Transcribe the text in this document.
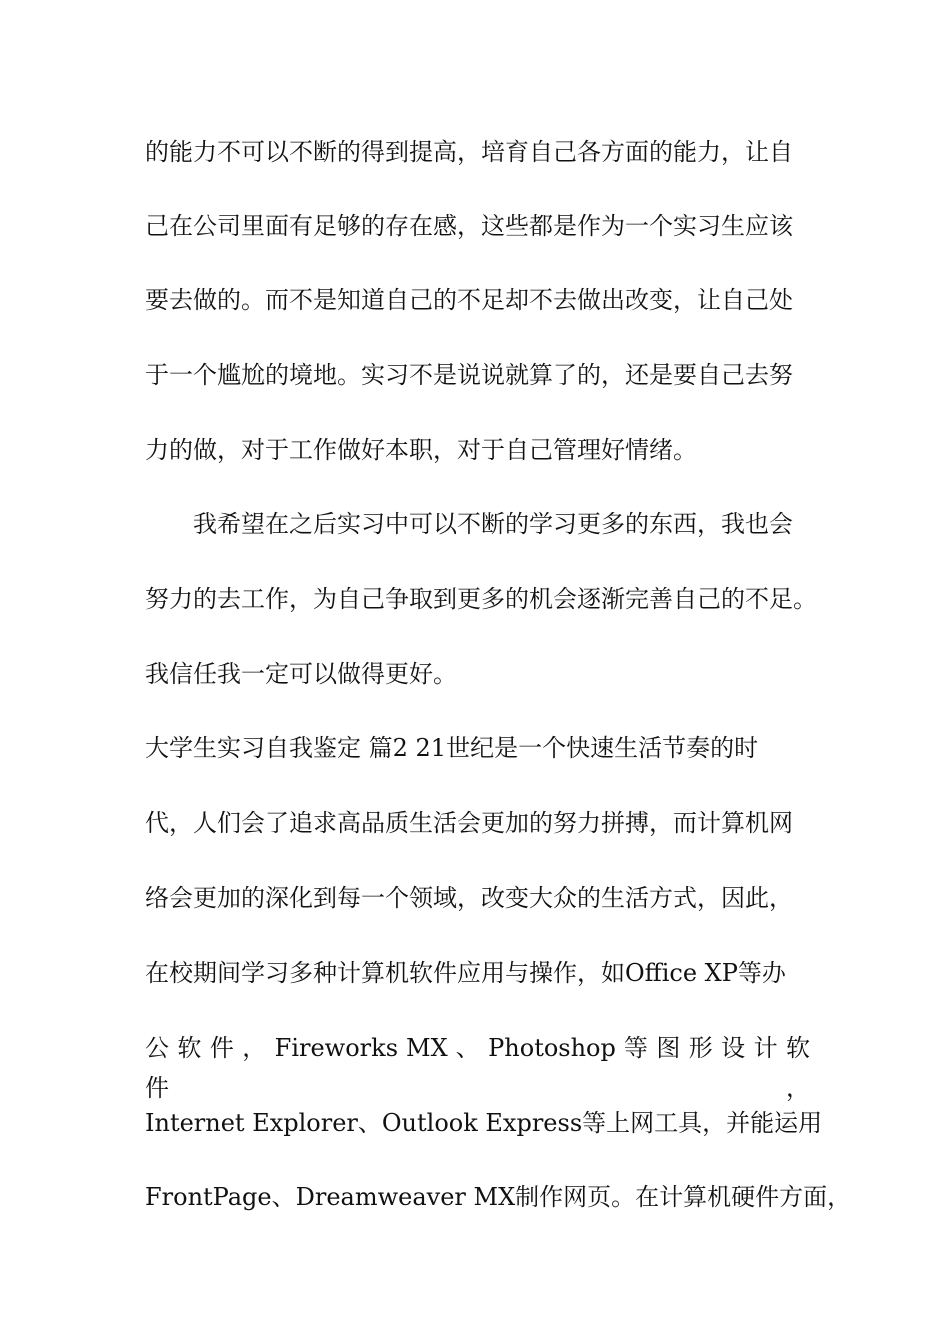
的能力不可以不断的得到提高，培育自己各方面的能力，让自
己在公司里面有足够的存在感，这些都是作为一个实习生应该
要去做的。而不是知道自己的不足却不去做出改变，让自己处
于一个尴尬的境地。实习不是说说就算了的，还是要自己去努
力的做，对于工作做好本职，对于自己管理好情绪。
我希望在之后实习中可以不断的学习更多的东西，我也会
努力的去工作，为自己争取到更多的机会逐渐完善自己的不足。
我信任我一定可以做得更好。
大学生实习自我鉴定 篇2 21世纪是一个快速生活节奏的时
代，人们会了追求高品质生活会更加的努力拼搏，而计算机网
络会更加的深化到每一个领域，改变大众的生活方式，因此，
在校期间学习多种计算机软件应用与操作，如Office XP等办
公 软 件 ， Fireworks MX 、 Photoshop 等 图 形 设 计 软 件 ，
Internet Explorer、Outlook Express等上网工具，并能运用
FrontPage、Dreamweaver MX制作网页。在计算机硬件方面，
